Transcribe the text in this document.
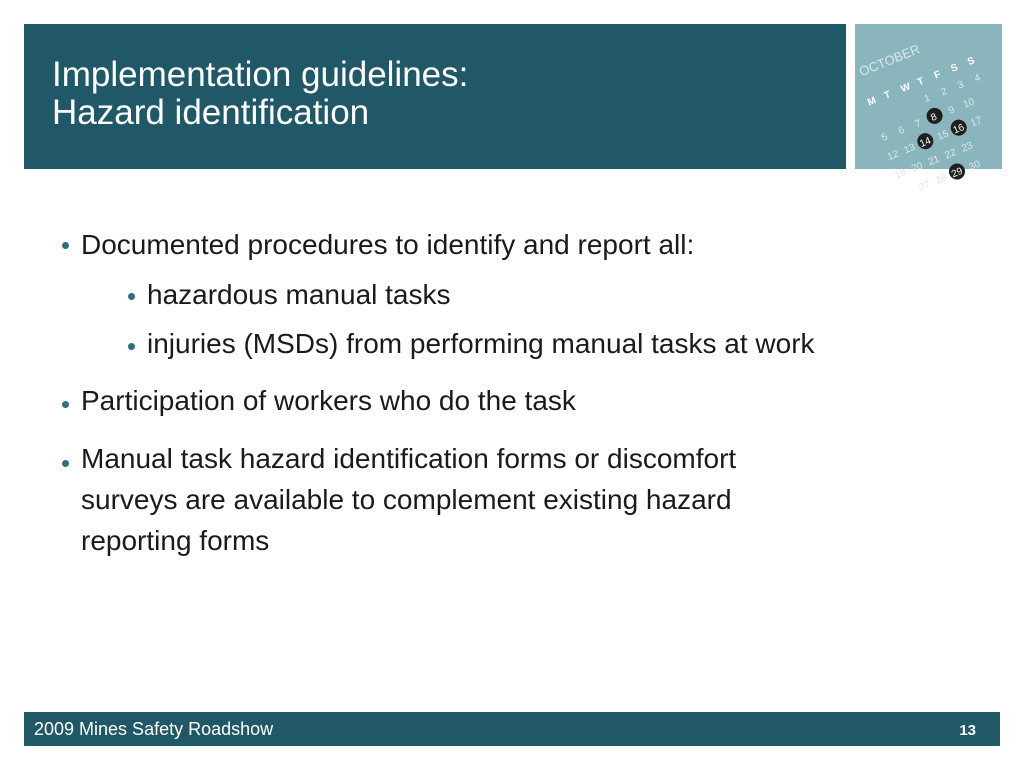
Implementation guidelines:
Hazard identification
OCTOBER
M T
W T
F
S
S
1
2
3
4
5
6
7
8
9 10
12 13 14 15 16 17
19 20 21 22 23
27 28 29 30
Documented procedures to identify and report all:
hazardous manual tasks
injuries (MSDs) from performing manual tasks at work
Participation of workers who do the task
Manual task hazard identification forms or discomfort
surveys are available to complement existing hazard
reporting forms
2009 Mines Safety Roadshow	13
